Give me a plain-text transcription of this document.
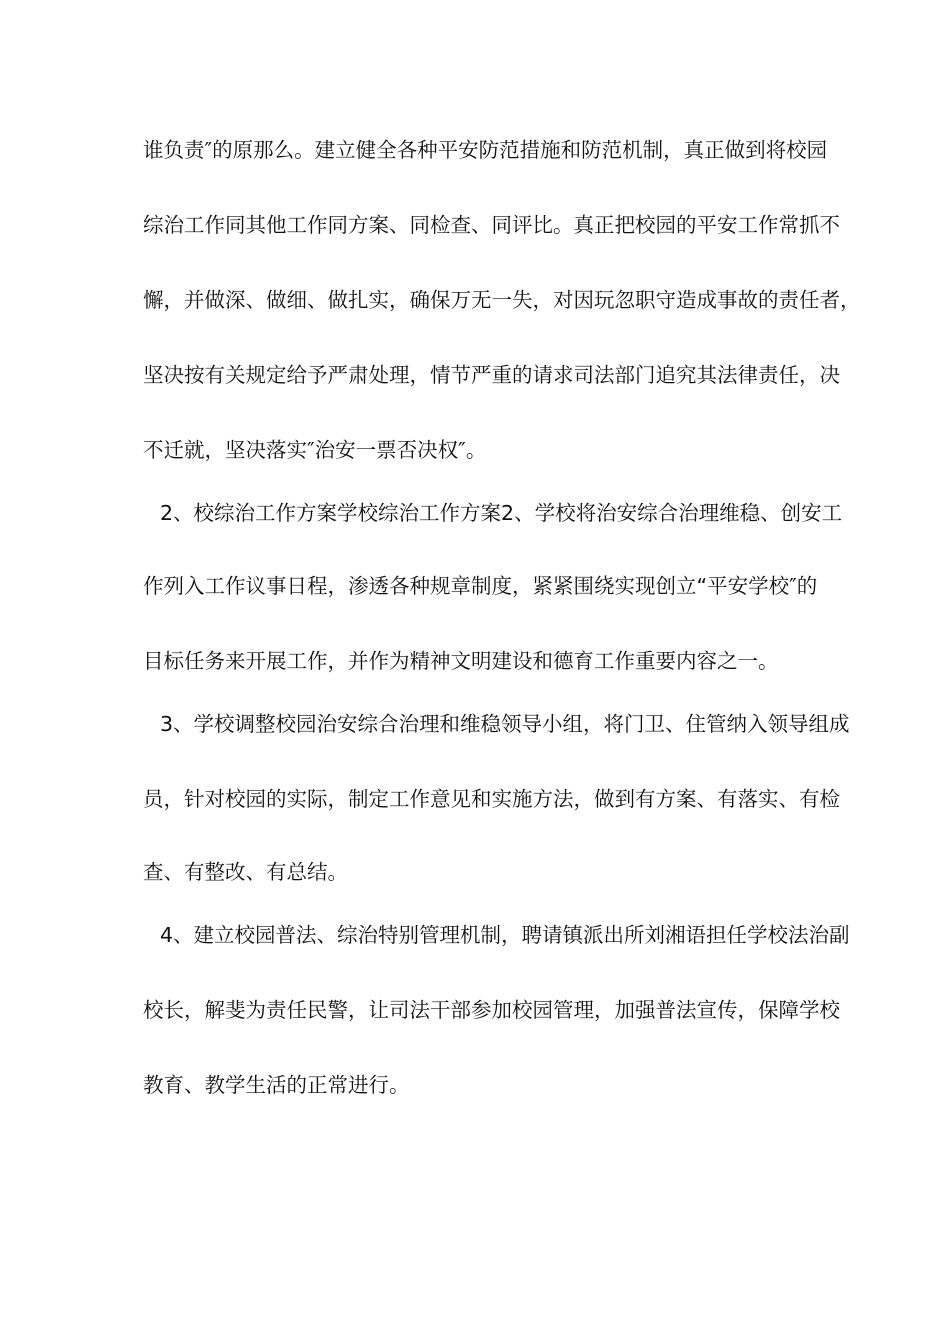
谁负责″的原那么。建立健全各种平安防范措施和防范机制，真正做到将校园
综治工作同其他工作同方案、同检查、同评比。真正把校园的平安工作常抓不
懈，并做深、做细、做扎实，确保万无一失，对因玩忽职守造成事故的责任者，
坚决按有关规定给予严肃处理，情节严重的请求司法部门追究其法律责任，决
不迁就，坚决落实″治安一票否决权″。
2、校综治工作方案学校综治工作方案2、学校将治安综合治理维稳、创安工
作列入工作议事日程，渗透各种规章制度，紧紧围绕实现创立“平安学校″的
目标任务来开展工作，并作为精神文明建设和德育工作重要内容之一。
3、学校调整校园治安综合治理和维稳领导小组，将门卫、住管纳入领导组成
员，针对校园的实际，制定工作意见和实施方法，做到有方案、有落实、有检
查、有整改、有总结。
4、建立校园普法、综治特别管理机制，聘请镇派出所刘湘语担任学校法治副
校长，解斐为责任民警，让司法干部参加校园管理，加强普法宣传，保障学校
教育、教学生活的正常进行。
